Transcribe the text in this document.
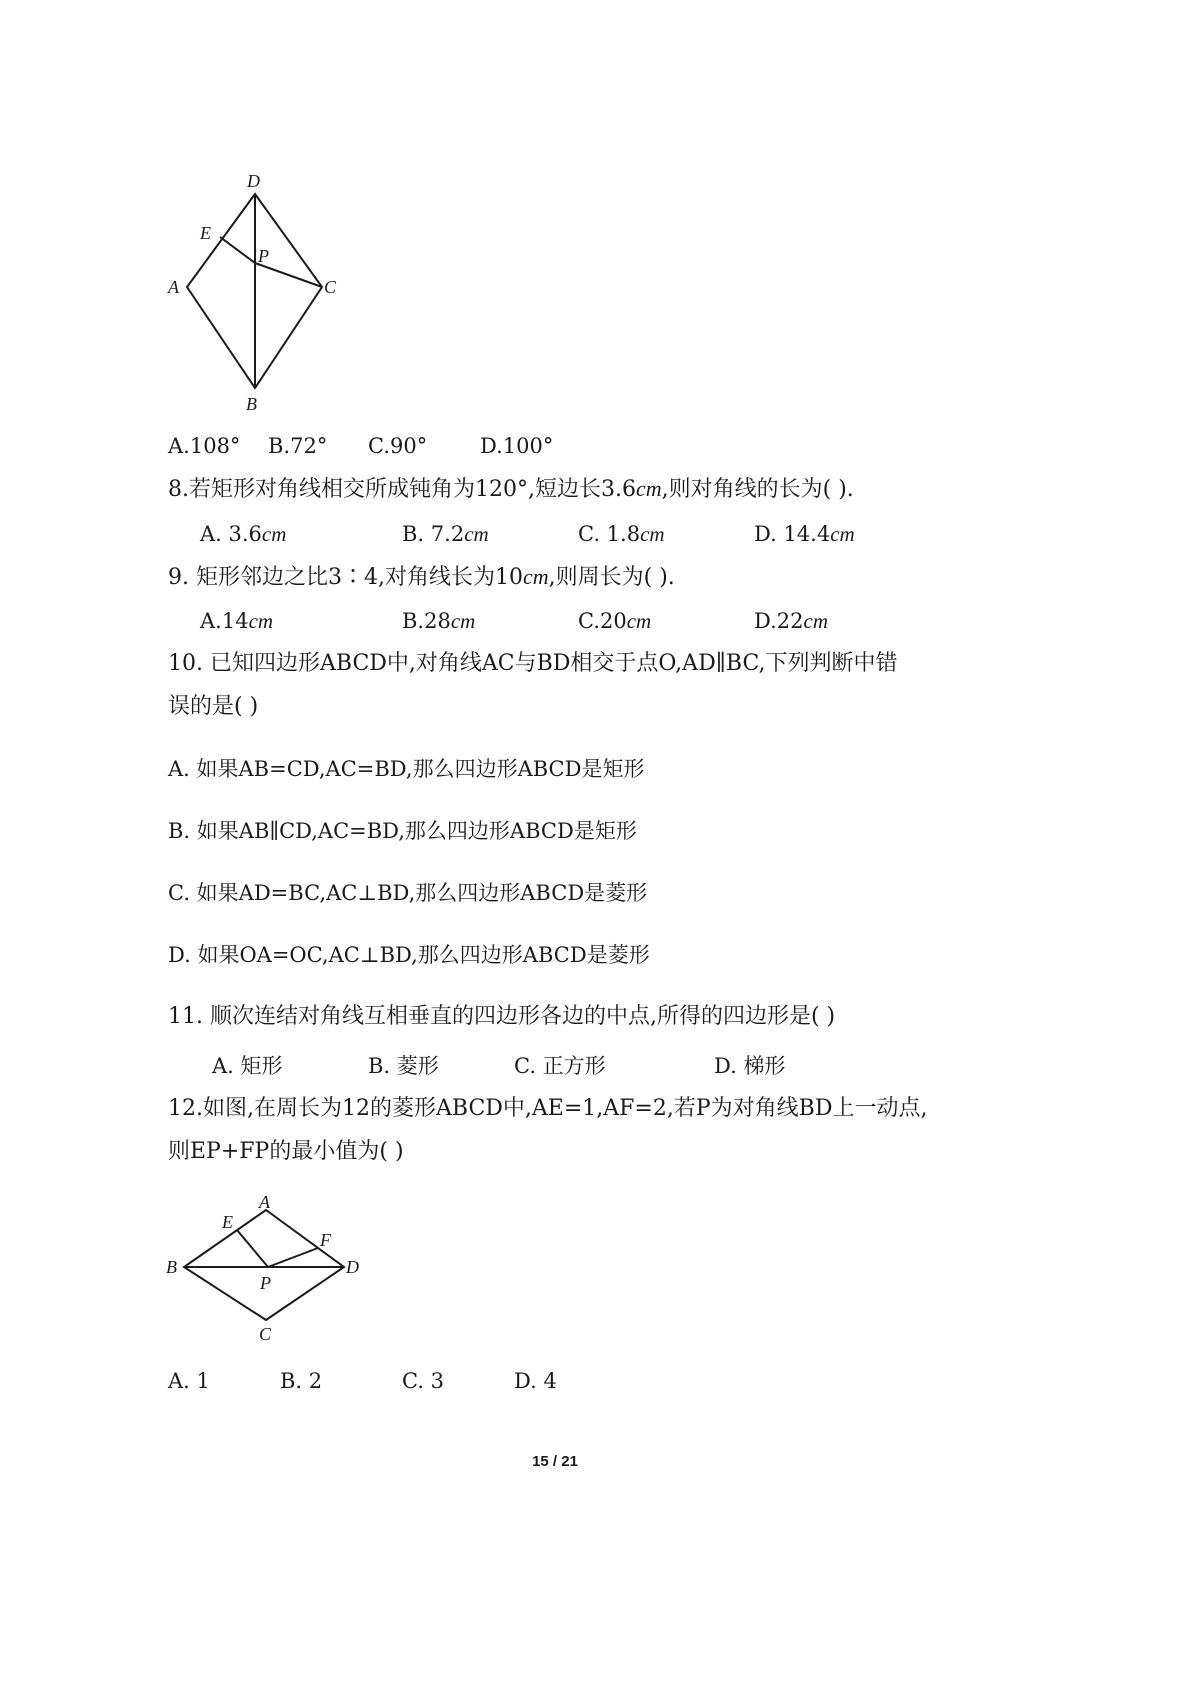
D
E
P
A	C
B
A.108° B.72° C.90°	D.100°
8.若矩形对角线相交所成钝角为120°,短边长3.6cm,则对角线的长为( ).
A. 3.6cm	B. 7.2cm	C. 1.8cm	D. 14.4cm
9. 矩形邻边之比3∶4,对角线长为10cm,则周长为( ).
A.14cm	B.28cm	C.20cm	D.22cm
10. 已知四边形ABCD中,对角线AC与BD相交于点O,AD∥BC,下列判断中错
误的是( )
A. 如果AB=CD,AC=BD,那么四边形ABCD是矩形
B. 如果AB∥CD,AC=BD,那么四边形ABCD是矩形
C. 如果AD=BC,AC⊥BD,那么四边形ABCD是菱形
D. 如果OA=OC,AC⊥BD,那么四边形ABCD是菱形
11. 顺次连结对角线互相垂直的四边形各边的中点,所得的四边形是( )
A. 矩形	B. 菱形	C. 正方形	D. 梯形
12.如图,在周长为12的菱形ABCD中,AE=1,AF=2,若P为对角线BD上一动点,
则EP+FP的最小值为( )
A
E
F
B	D
P
C
A. 1	B. 2	C. 3	D. 4
15 / 21
